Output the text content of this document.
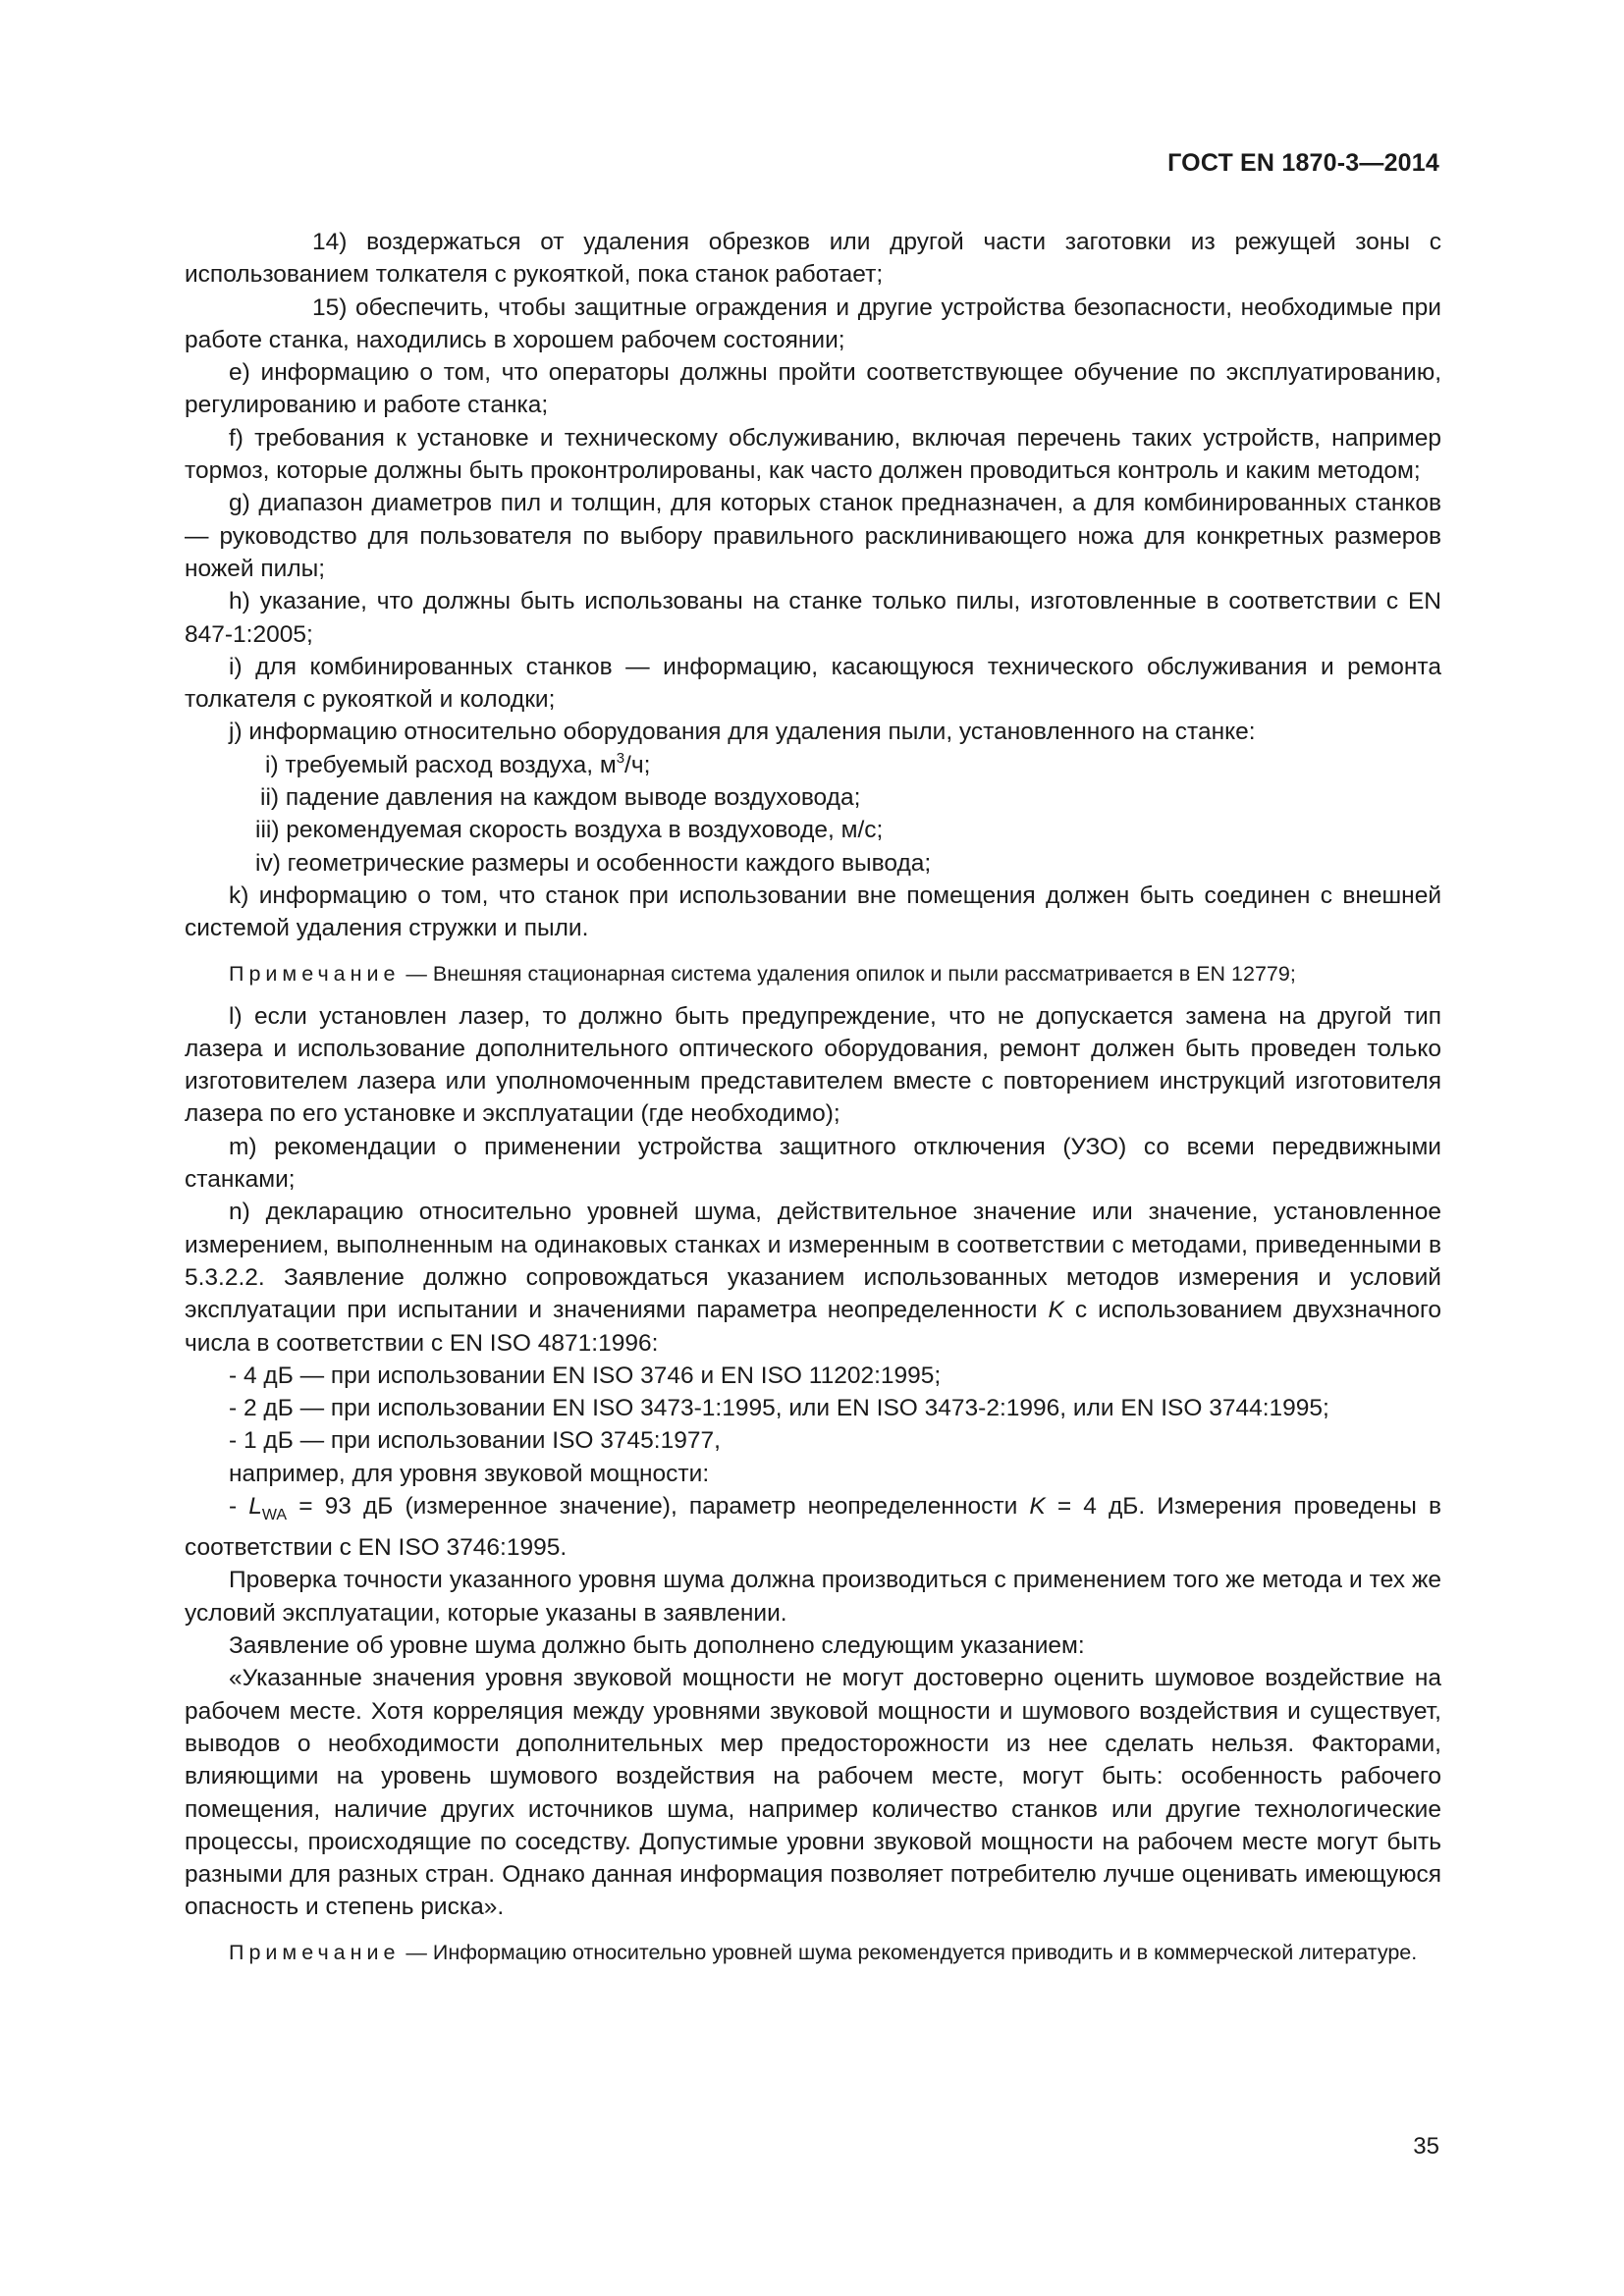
ГОСТ EN 1870-3—2014

14) воздержаться от удаления обрезков или другой части заготовки из режущей зоны с использованием толкателя с рукояткой, пока станок работает;

15) обеспечить, чтобы защитные ограждения и другие устройства безопасности, необходимые при работе станка, находились в хорошем рабочем состоянии;

e) информацию о том, что операторы должны пройти соответствующее обучение по эксплуатированию, регулированию и работе станка;

f) требования к установке и техническому обслуживанию, включая перечень таких устройств, например тормоз, которые должны быть проконтролированы, как часто должен проводиться контроль и каким методом;

g) диапазон диаметров пил и толщин, для которых станок предназначен, а для комбинированных станков — руководство для пользователя по выбору правильного расклинивающего ножа для конкретных размеров ножей пилы;

h) указание, что должны быть использованы на станке только пилы, изготовленные в соответствии с EN 847-1:2005;

i) для комбинированных станков — информацию, касающуюся технического обслуживания и ремонта толкателя с рукояткой и колодки;

j) информацию относительно оборудования для удаления пыли, установленного на станке:

i) требуемый расход воздуха, $м^3/ч$;

ii) падение давления на каждом выводе воздуховода;

iii) рекомендуемая скорость воздуха в воздуховоде, м/с;

iv) геометрические размеры и особенности каждого вывода;

k) информацию о том, что станок при использовании вне помещения должен быть соединен с внешней системой удаления стружки и пыли.

Примечание — Внешняя стационарная система удаления опилок и пыли рассматривается в EN 12779;

l) если установлен лазер, то должно быть предупреждение, что не допускается замена на другой тип лазера и использование дополнительного оптического оборудования, ремонт должен быть проведен только изготовителем лазера или уполномоченным представителем вместе с повторением инструкций изготовителя лазера по его установке и эксплуатации (где необходимо);

m) рекомендации о применении устройства защитного отключения (УЗО) со всеми передвижными станками;

n) декларацию относительно уровней шума, действительное значение или значение, установленное измерением, выполненным на одинаковых станках и измеренным в соответствии с методами, приведенными в 5.3.2.2. Заявление должно сопровождаться указанием использованных методов измерения и условий эксплуатации при испытании и значениями параметра неопределенности K с использованием двухзначного числа в соответствии с EN ISO 4871:1996:

- 4 дБ — при использовании EN ISO 3746 и EN ISO 11202:1995;

- 2 дБ — при использовании EN ISO 3473-1:1995, или EN ISO 3473-2:1996, или EN ISO 3744:1995;

- 1 дБ — при использовании ISO 3745:1977,

например, для уровня звуковой мощности:

- $L_{WA} = 93$ дБ (измеренное значение), параметр неопределенности K = 4 дБ. Измерения проведены в соответствии с EN ISO 3746:1995.

Проверка точности указанного уровня шума должна производиться с применением того же метода и тех же условий эксплуатации, которые указаны в заявлении.

Заявление об уровне шума должно быть дополнено следующим указанием:

«Указанные значения уровня звуковой мощности не могут достоверно оценить шумовое воздействие на рабочем месте. Хотя корреляция между уровнями звуковой мощности и шумового воздействия и существует, выводов о необходимости дополнительных мер предосторожности из нее сделать нельзя. Факторами, влияющими на уровень шумового воздействия на рабочем месте, могут быть: особенность рабочего помещения, наличие других источников шума, например количество станков или другие технологические процессы, происходящие по соседству. Допустимые уровни звуковой мощности на рабочем месте могут быть разными для разных стран. Однако данная информация позволяет потребителю лучше оценивать имеющуюся опасность и степень риска».

Примечание — Информацию относительно уровней шума рекомендуется приводить и в коммерческой литературе.

35
